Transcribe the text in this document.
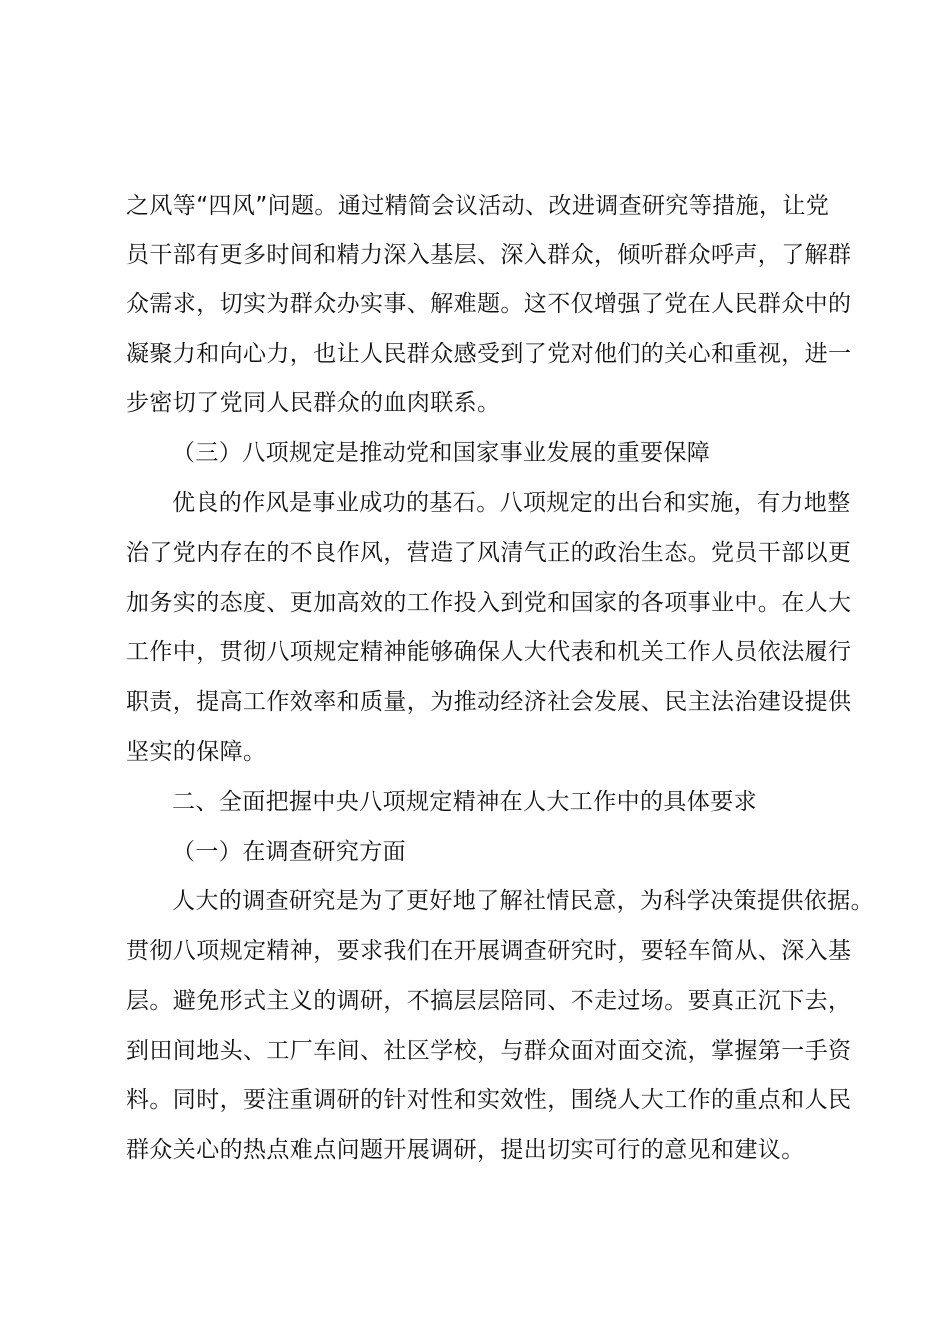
之风等“四风”问题。通过精简会议活动、改进调查研究等措施，让党
员干部有更多时间和精力深入基层、深入群众，倾听群众呼声，了解群
众需求，切实为群众办实事、解难题。这不仅增强了党在人民群众中的
凝聚力和向心力，也让人民群众感受到了党对他们的关心和重视，进一
步密切了党同人民群众的血肉联系。
（三）八项规定是推动党和国家事业发展的重要保障
优良的作风是事业成功的基石。八项规定的出台和实施，有力地整
治了党内存在的不良作风，营造了风清气正的政治生态。党员干部以更
加务实的态度、更加高效的工作投入到党和国家的各项事业中。在人大
工作中，贯彻八项规定精神能够确保人大代表和机关工作人员依法履行
职责，提高工作效率和质量，为推动经济社会发展、民主法治建设提供
坚实的保障。
二、全面把握中央八项规定精神在人大工作中的具体要求
（一）在调查研究方面
人大的调查研究是为了更好地了解社情民意，为科学决策提供依据。
贯彻八项规定精神，要求我们在开展调查研究时，要轻车简从、深入基
层。避免形式主义的调研，不搞层层陪同、不走过场。要真正沉下去，
到田间地头、工厂车间、社区学校，与群众面对面交流，掌握第一手资
料。同时，要注重调研的针对性和实效性，围绕人大工作的重点和人民
群众关心的热点难点问题开展调研，提出切实可行的意见和建议。
